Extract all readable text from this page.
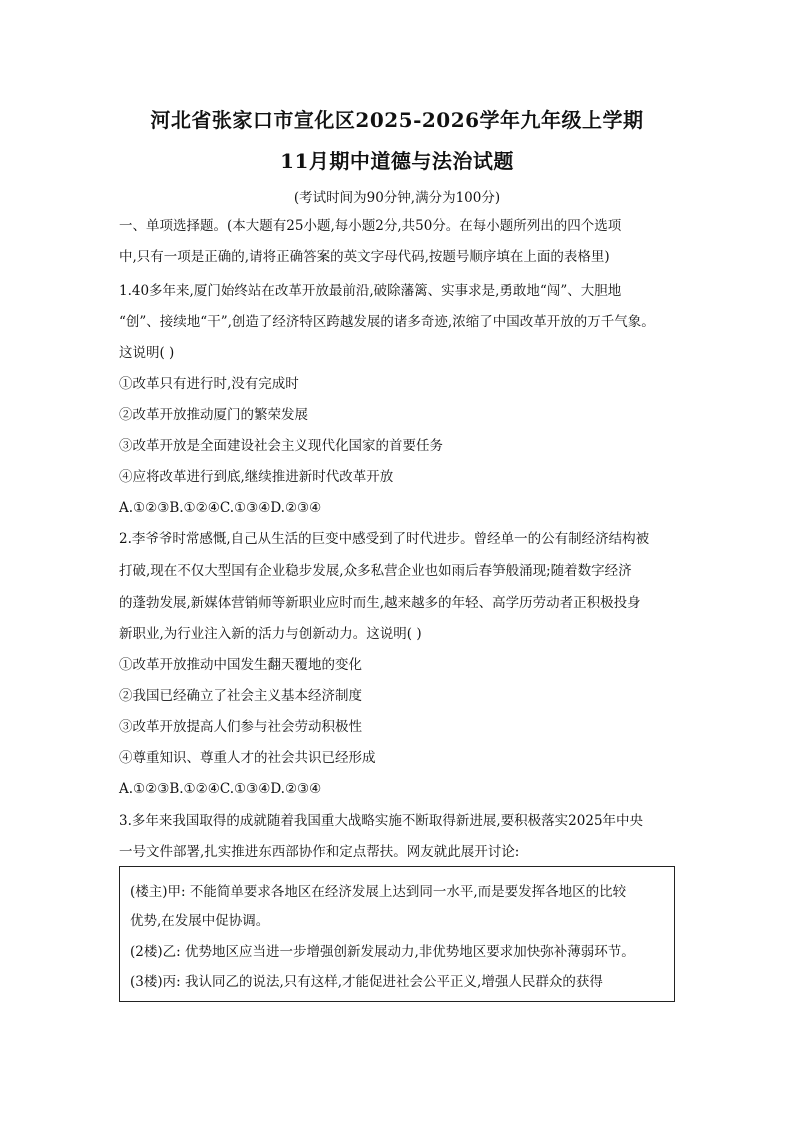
河北省张家口市宣化区2025-2026学年九年级上学期
11月期中道德与法治试题
(考试时间为90分钟,满分为100分)
一、单项选择题。(本大题有25小题,每小题2分,共50分。在每小题所列出的四个选项
中,只有一项是正确的,请将正确答案的英文字母代码,按题号顺序填在上面的表格里)
1.40多年来,厦门始终站在改革开放最前沿,破除藩篱、实事求是,勇敢地“闯”、大胆地
“创”、接续地“干”,创造了经济特区跨越发展的诸多奇迹,浓缩了中国改革开放的万千气象。
这说明( )
①改革只有进行时,没有完成时
②改革开放推动厦门的繁荣发展
③改革开放是全面建设社会主义现代化国家的首要任务
④应将改革进行到底,继续推进新时代改革开放
A.①②③B.①②④C.①③④D.②③④
2.李爷爷时常感慨,自己从生活的巨变中感受到了时代进步。曾经单一的公有制经济结构被
打破,现在不仅大型国有企业稳步发展,众多私营企业也如雨后春笋般涌现;随着数字经济
的蓬勃发展,新媒体营销师等新职业应时而生,越来越多的年轻、高学历劳动者正积极投身
新职业,为行业注入新的活力与创新动力。这说明( )
①改革开放推动中国发生翻天覆地的变化
②我国已经确立了社会主义基本经济制度
③改革开放提高人们参与社会劳动积极性
④尊重知识、尊重人才的社会共识已经形成
A.①②③B.①②④C.①③④D.②③④
3.多年来我国取得的成就随着我国重大战略实施不断取得新进展,要积极落实2025年中央
一号文件部署,扎实推进东西部协作和定点帮扶。网友就此展开讨论:
(楼主)甲: 不能简单要求各地区在经济发展上达到同一水平,而是要发挥各地区的比较
优势,在发展中促协调。
(2楼)乙: 优势地区应当进一步增强创新发展动力,非优势地区要求加快弥补薄弱环节。
(3楼)丙: 我认同乙的说法,只有这样,才能促进社会公平正义,增强人民群众的获得
